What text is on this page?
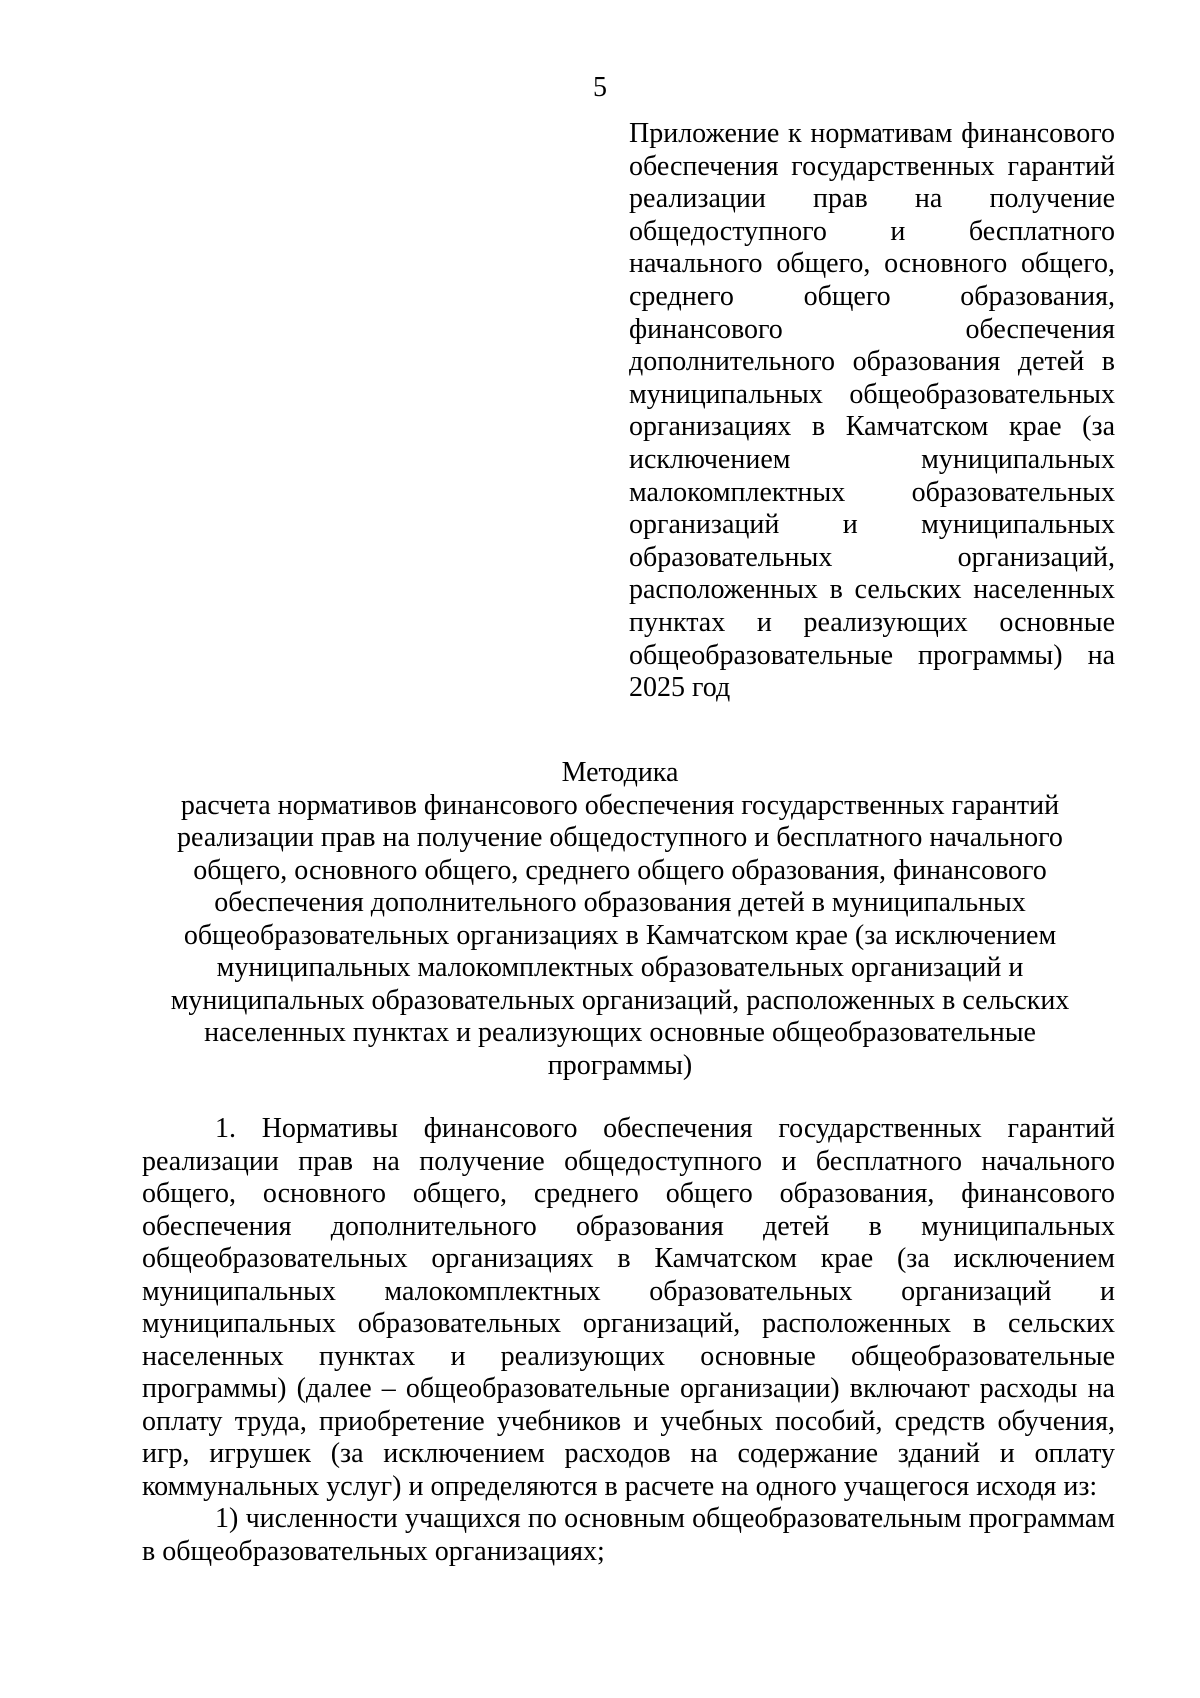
5
Приложение к нормативам финансового обеспечения государственных гарантий реализации прав на получение общедоступного и бесплатного начального общего, основного общего, среднего общего образования, финансового обеспечения дополнительного образования детей в муниципальных общеобразовательных организациях в Камчатском крае (за исключением муниципальных малокомплектных образовательных организаций и муниципальных образовательных организаций, расположенных в сельских населенных пунктах и реализующих основные общеобразовательные программы) на 2025 год
Методика
расчета нормативов финансового обеспечения государственных гарантий
реализации прав на получение общедоступного и бесплатного начального
общего, основного общего, среднего общего образования, финансового
обеспечения дополнительного образования детей в муниципальных
общеобразовательных организациях в Камчатском крае (за исключением
муниципальных малокомплектных образовательных организаций и
муниципальных образовательных организаций, расположенных в сельских
населенных пунктах и реализующих основные общеобразовательные
программы)

1. Нормативы финансового обеспечения государственных гарантий реализации прав на получение общедоступного и бесплатного начального общего, основного общего, среднего общего образования, финансового обеспечения дополнительного образования детей в муниципальных общеобразовательных организациях в Камчатском крае (за исключением муниципальных малокомплектных образовательных организаций и муниципальных образовательных организаций, расположенных в сельских населенных пунктах и реализующих основные общеобразовательные программы) (далее – общеобразовательные организации) включают расходы на оплату труда, приобретение учебников и учебных пособий, средств обучения, игр, игрушек (за исключением расходов на содержание зданий и оплату коммунальных услуг) и определяются в расчете на одного учащегося исходя из:

1) численности учащихся по основным общеобразовательным программам в общеобразовательных организациях;
